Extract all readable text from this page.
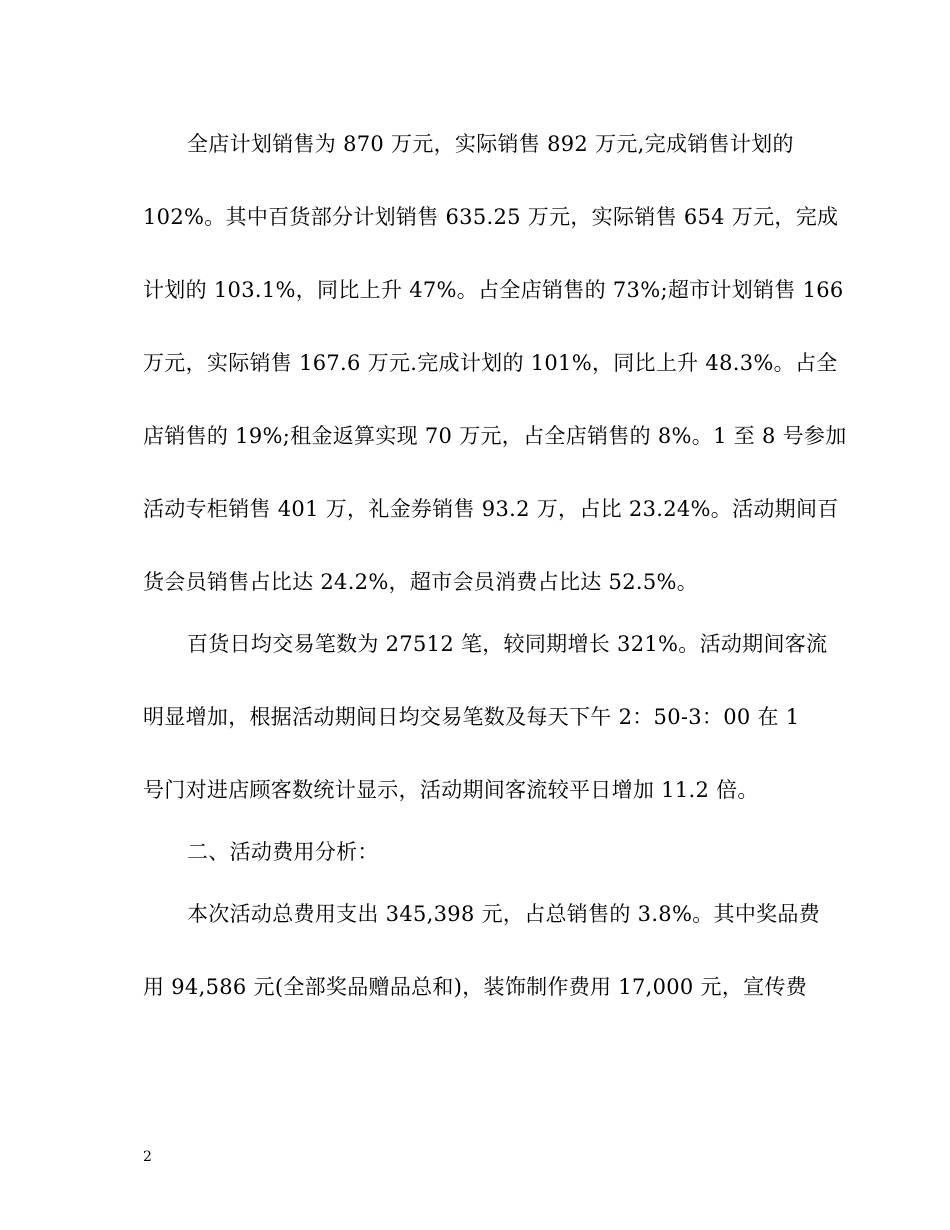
全店计划销售为 870 万元，实际销售 892 万元,完成销售计划的
102%。其中百货部分计划销售 635.25 万元，实际销售 654 万元，完成
计划的 103.1%，同比上升 47%。占全店销售的 73%;超市计划销售 166
万元，实际销售 167.6 万元.完成计划的 101%，同比上升 48.3%。占全
店销售的 19%;租金返算实现 70 万元，占全店销售的 8%。1 至 8 号参加
活动专柜销售 401 万，礼金券销售 93.2 万，占比 23.24%。活动期间百
货会员销售占比达 24.2%，超市会员消费占比达 52.5%。
百货日均交易笔数为 27512 笔，较同期增长 321%。活动期间客流
明显增加，根据活动期间日均交易笔数及每天下午 2：50-3：00 在 1
号门对进店顾客数统计显示，活动期间客流较平日增加 11.2 倍。
二、活动费用分析：
本次活动总费用支出 345,398 元，占总销售的 3.8%。其中奖品费
用 94,586 元(全部奖品赠品总和)，装饰制作费用 17,000 元，宣传费
2
